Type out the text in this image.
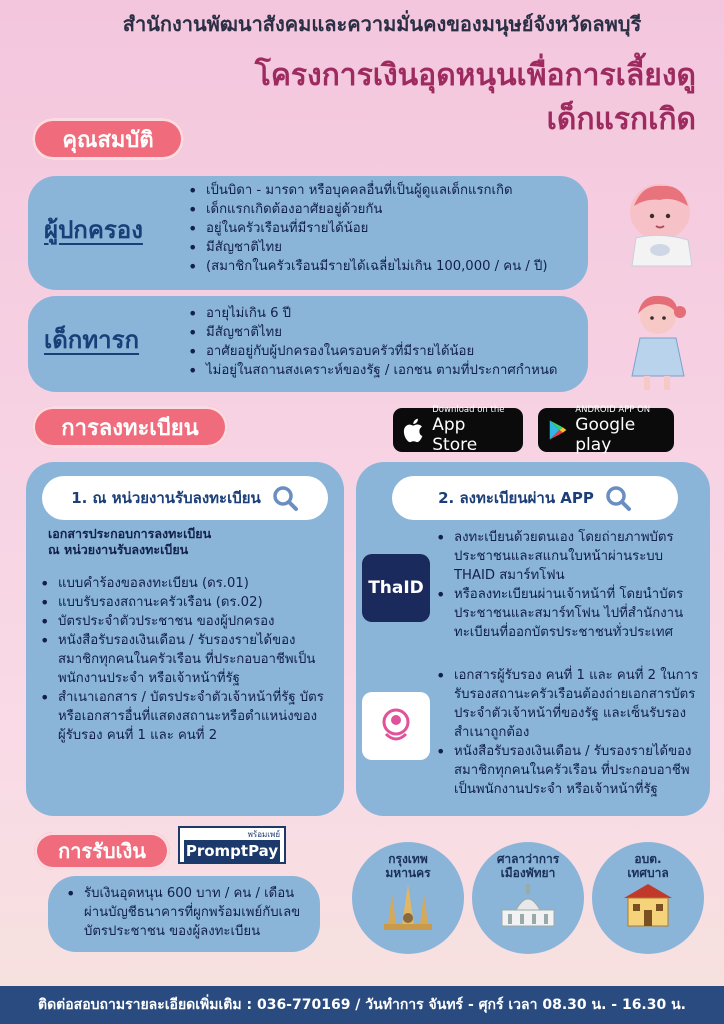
สำนักงานพัฒนาสังคมและความมั่นคงของมนุษย์จังหวัดลพบุรี
โครงการเงินอุดหนุนเพื่อการเลี้ยงดู
เด็กแรกเกิด
คุณสมบัติ
ผู้ปกครอง
• เป็นบิดา - มารดา หรือบุคคลอื่นที่เป็นผู้ดูแลเด็กแรกเกิด
• เด็กแรกเกิดต้องอาศัยอยู่ด้วยกัน
• อยู่ในครัวเรือนที่มีรายได้น้อย
• มีสัญชาติไทย
• (สมาชิกในครัวเรือนมีรายได้เฉลี่ยไม่เกิน 100,000 / คน / ปี)
เด็กทารก
• อายุไม่เกิน 6 ปี
• มีสัญชาติไทย
• อาศัยอยู่กับผู้ปกครองในครอบครัวที่มีรายได้น้อย
• ไม่อยู่ในสถานสงเคราะห์ของรัฐ / เอกชน ตามที่ประกาศกำหนด
การลงทะเบียน
Download on the
App Store
ANDROID APP ON
Google play
1. ณ หน่วยงานรับลงทะเบียน
เอกสารประกอบการลงทะเบียน
ณ หน่วยงานรับลงทะเบียน
• แบบคำร้องขอลงทะเบียน (ดร.01)
• แบบรับรองสถานะครัวเรือน (ดร.02)
• บัตรประจำตัวประชาชน ของผู้ปกครอง
• หนังสือรับรองเงินเดือน / รับรองรายได้ของสมาชิกทุกคนในครัวเรือน ที่ประกอบอาชีพเป็นพนักงานประจำ หรือเจ้าหน้าที่รัฐ
• สำเนาเอกสาร / บัตรประจำตัวเจ้าหน้าที่รัฐ บัตรหรือเอกสารอื่นที่แสดงสถานะหรือตำแหน่งของผู้รับรอง คนที่ 1 และ คนที่ 2
2. ลงทะเบียนผ่าน APP
ThaID
• ลงทะเบียนด้วยตนเอง โดยถ่ายภาพบัตรประชาชนและสแกนใบหน้าผ่านระบบ THAID สมาร์ทโฟน
• หรือลงทะเบียนผ่านเจ้าหน้าที่ โดยนำบัตรประชาชนและสมาร์ทโฟน ไปที่สำนักงานทะเบียนที่ออกบัตรประชาชนทั่วประเทศ
• เอกสารผู้รับรอง คนที่ 1 และ คนที่ 2 ในการรับรองสถานะครัวเรือนต้องถ่ายเอกสารบัตรประจำตัวเจ้าหน้าที่ของรัฐ และเซ็นรับรองสำเนาถูกต้อง
• หนังสือรับรองเงินเดือน / รับรองรายได้ของสมาชิกทุกคนในครัวเรือน ที่ประกอบอาชีพเป็นพนักงานประจำ หรือเจ้าหน้าที่รัฐ
การรับเงิน
พร้อมเพย์
PromptPay
• รับเงินอุดหนุน 600 บาท / คน / เดือน ผ่านบัญชีธนาคารที่ผูกพร้อมเพย์กับเลขบัตรประชาชน ของผู้ลงทะเบียน
กรุงเทพ
มหานคร
ศาลาว่าการ
เมืองพัทยา
อบต.
เทศบาล
ติดต่อสอบถามรายละเอียดเพิ่มเติม : 036-770169 / วันทำการ จันทร์ - ศุกร์ เวลา 08.30 น. - 16.30 น.
